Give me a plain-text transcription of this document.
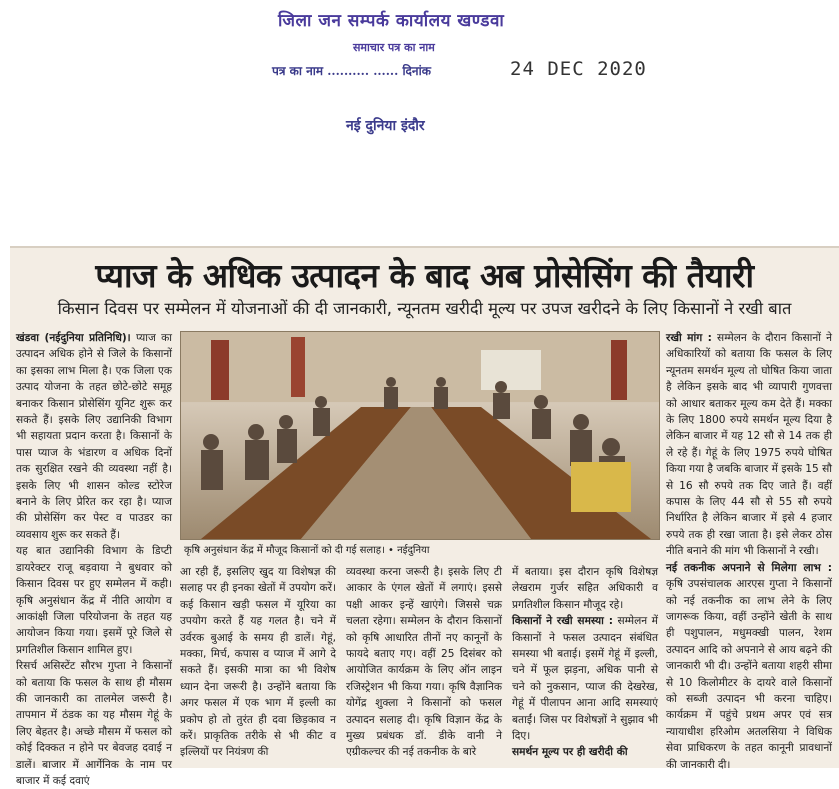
जिला जन सम्पर्क कार्यालय खण्डवा
समाचार पत्र का नाम
पत्र का नाम .......... ...... दिनांक	24 DEC 2020
नई दुनिया इंदौर
प्याज के अधिक उत्पादन के बाद अब प्रोसेसिंग की तैयारी
किसान दिवस पर सम्मेलन में योजनाओं की दी जानकारी, न्यूनतम खरीदी मूल्य पर उपज खरीदने के लिए किसानों ने रखी बात

खंडवा (नईदुनिया प्रतिनिधि)। प्याज का उत्पादन अधिक होने से जिले के किसानों का इसका लाभ मिला है। एक जिला एक उत्पाद योजना के तहत छोटे-छोटे समूह बनाकर किसान प्रोसेसिंग यूनिट शुरू कर सकते हैं। इसके लिए उद्यानिकी विभाग भी सहायता प्रदान करता है। किसानों के पास प्याज के भंडारण व अधिक दिनों तक सुरक्षित रखने की व्यवस्था नहीं है। इसके लिए भी शासन कोल्ड स्टोरेज बनाने के लिए प्रेरित कर रहा है। प्याज की प्रोसेसिंग कर पेस्ट व पाउडर का व्यवसाय शुरू कर सकते हैं।

यह बात उद्यानिकी विभाग के डिप्टी डायरेक्टर राजू बड़वाया ने बुधवार को किसान दिवस पर हुए सम्मेलन में कही। कृषि अनुसंधान केंद्र में नीति आयोग व आकांक्षी जिला परियोजना के तहत यह आयोजन किया गया। इसमें पूरे जिले से प्रगतिशील किसान शामिल हुए।

रिसर्च असिस्टेंट सौरभ गुप्ता ने किसानों को बताया कि फसल के साथ ही मौसम की जानकारी का तालमेल जरूरी है। तापमान में ठंडक का यह मौसम गेहूं के लिए बेहतर है। अच्छे मौसम में फसल को कोई दिक्कत न होने पर बेवजह दवाई न डालें। बाजार में आर्गेनिक के नाम पर बाजार में कई दवाएं

कृषि अनुसंधान केंद्र में मौजूद किसानों को दी गई सलाह। • नईदुनिया

आ रही हैं, इसलिए खुद या विशेषज्ञ की सलाह पर ही इनका खेतों में उपयोग करें। कई किसान खड़ी फसल में यूरिया का उपयोग करते हैं यह गलत है। चने में उर्वरक बुआई के समय ही डालें। गेहूं, मक्का, मिर्च, कपास व प्याज में आगे दे सकते हैं। इसकी मात्रा का भी विशेष ध्यान देना जरूरी है। उन्होंने बताया कि अगर फसल में एक भाग में इल्ली का प्रकोप हो तो तुरंत ही दवा छिड़काव न करें। प्राकृतिक तरीके से भी कीट व इल्लियों पर नियंत्रण की

व्यवस्था करना जरूरी है। इसके लिए टी आकार के एंगल खेतों में लगाएं। इससे पक्षी आकर इन्हें खाएंगे। जिससे चक्र चलता रहेगा। सम्मेलन के दौरान किसानों को कृषि आधारित तीनों नए कानूनों के फायदे बताए गए। वहीं 25 दिसंबर को आयोजित कार्यक्रम के लिए ऑन लाइन रजिस्ट्रेशन भी किया गया। कृषि वैज्ञानिक योगेंद्र शुक्ला ने किसानों को फसल उत्पादन सलाह दी। कृषि विज्ञान केंद्र के मुख्य प्रबंधक डॉ. डीके वानी ने एग्रीकल्चर की नई तकनीक के बारे

में बताया। इस दौरान कृषि विशेषज्ञ लेखराम गुर्जर सहित अधिकारी व प्रगतिशील किसान मौजूद रहे।

किसानों ने रखी समस्या : सम्मेलन में किसानों ने फसल उत्पादन संबंधित समस्या भी बताई। इसमें गेहूं में इल्ली, चने में फूल झड़ना, अधिक पानी से चने को नुकसान, प्याज की देखरेख, गेहूं में पीलापन आना आदि समस्याएं बताईं। जिस पर विशेषज्ञों ने सुझाव भी दिए।

समर्थन मूल्य पर ही खरीदी की

रखी मांग : सम्मेलन के दौरान किसानों ने अधिकारियों को बताया कि फसल के लिए न्यूनतम समर्थन मूल्य तो घोषित किया जाता है लेकिन इसके बाद भी व्यापारी गुणवत्ता को आधार बताकर मूल्य कम देते हैं। मक्का के लिए 1800 रुपये समर्थन मूल्य दिया है लेकिन बाजार में यह 12 सौ से 14 तक ही ले रहे हैं। गेहूं के लिए 1975 रुपये घोषित किया गया है जबकि बाजार में इसके 15 सौ से 16 सौ रुपये तक दिए जाते हैं। वहीं कपास के लिए 44 सौ से 55 सौ रुपये निर्धारित है लेकिन बाजार में इसे 4 हजार रुपये तक ही रखा जाता है। इसे लेकर ठोस नीति बनाने की मांग भी किसानों ने रखी।

नई तकनीक अपनाने से मिलेगा लाभ : कृषि उपसंचालक आरएस गुप्ता ने किसानों को नई तकनीक का लाभ लेने के लिए जागरूक किया, वहीं उन्होंने खेती के साथ ही पशुपालन, मधुमक्खी पालन, रेशम उत्पादन आदि को अपनाने से आय बढ़ने की जानकारी भी दी। उन्होंने बताया शहरी सीमा से 10 किलोमीटर के दायरे वाले किसानों को सब्जी उत्पादन भी करना चाहिए। कार्यक्रम में पहुंचे प्रथम अपर एवं सत्र न्यायाधीश हरिओम अतलसिया ने विधिक सेवा प्राधिकरण के तहत कानूनी प्रावधानों की जानकारी दी।
